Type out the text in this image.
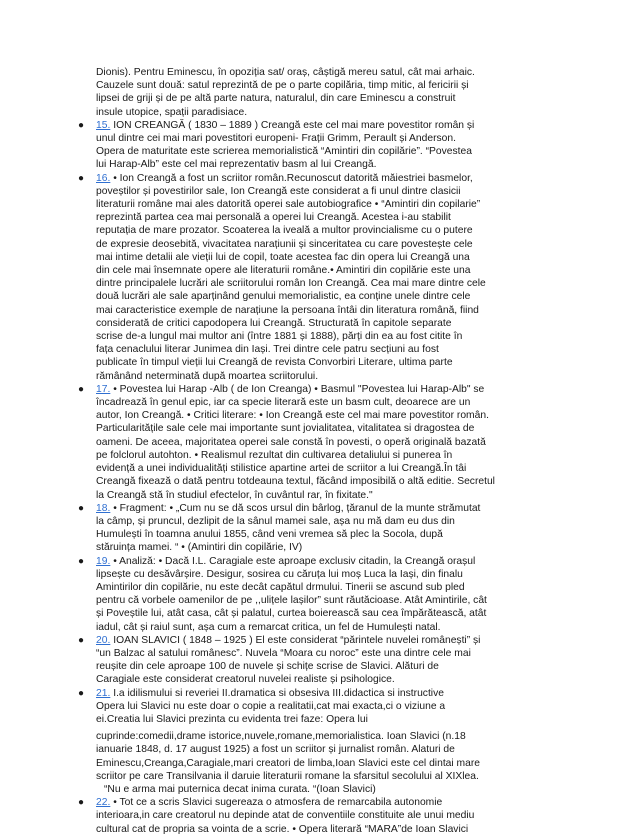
Dionis). Pentru Eminescu, în opoziția sat/ oraș, câștigă mereu satul, cât mai arhaic.

Cauzele sunt două: satul reprezintă de pe o parte copilăria, timp mitic, al fericirii și

lipsei de griji și de pe altă parte natura, naturalul, din care Eminescu a construit

insule utopice, spații paradisiace.

● 15. ION CREANGĂ ( 1830 – 1889 ) Creangă este cel mai mare povestitor român și

unul dintre cei mai mari povestitori europeni- Frații Grimm, Perault și Anderson.

Opera de maturitate este scrierea memorialistică “Amintiri din copilărie”. “Povestea

lui Harap-Alb” este cel mai reprezentativ basm al lui Creangă.

● 16. • Ion Creangă a fost un scriitor român.Recunoscut datorită măiestriei basmelor,

poveștilor și povestirilor sale, Ion Creangă este considerat a fi unul dintre clasicii

literaturii române mai ales datorită operei sale autobiografice • “Amintiri din copilarie”

reprezintă partea cea mai personală a operei lui Creangă. Acestea i-au stabilit

reputația de mare prozator. Scoaterea la iveală a multor provincialisme cu o putere

de expresie deosebită, vivacitatea narațiunii și sinceritatea cu care povestește cele

mai intime detalii ale vieții lui de copil, toate acestea fac din opera lui Creangă una

din cele mai însemnate opere ale literaturii române.• Amintiri din copilărie este una

dintre principalele lucrări ale scriitorului român Ion Creangă. Cea mai mare dintre cele

două lucrări ale sale aparținând genului memorialistic, ea conține unele dintre cele

mai caracteristice exemple de narațiune la persoana întâi din literatura română, fiind

considerată de critici capodopera lui Creangă. Structurată în capitole separate

scrise de-a lungul mai multor ani (între 1881 și 1888), părți din ea au fost citite în

fața cenaclului literar Junimea din Iași. Trei dintre cele patru secțiuni au fost

publicate în timpul vieții lui Creangă de revista Convorbiri Literare, ultima parte

rămânând neterminată după moartea scriitorului.

● 17. • Povestea lui Harap -Alb ( de Ion Creanga) • Basmul "Povestea lui Harap-Alb" se

încadrează în genul epic, iar ca specie literară este un basm cult, deoarece are un

autor, Ion Creangă. • Critici literare: • Ion Creangă este cel mai mare povestitor român.

Particularitățile sale cele mai importante sunt jovialitatea, vitalitatea si dragostea de

oameni. De aceea, majoritatea operei sale constă în povesti, o operă originală bazată

pe folclorul autohton. • Realismul rezultat din cultivarea detaliului si punerea în

evidență a unei individualități stilistice apartine artei de scriitor a lui Creangă.În tâi

Creangă fixează o dată pentru totdeauna textul, făcând imposibilă o altă editie. Secretul

la Creangă stă în studiul efectelor, în cuvântul rar, în fixitate."

● 18. • Fragment: • „Cum nu se dă scos ursul din bârlog, țăranul de la munte strămutat

la câmp, și pruncul, dezlipit de la sânul mamei sale, așa nu mă dam eu dus din

Humulești în toamna anului 1855, când veni vremea să plec la Socola, după

stăruința mamei. “ • (Amintiri din copilărie, IV)

● 19. • Analiză: • Dacă I.L. Caragiale este aproape exclusiv citadin, la Creangă orașul

lipsește cu desăvârșire. Desigur, sosirea cu căruța lui moș Luca la Iași, din finalu

Amintirilor din copilărie, nu este decât capătul drmului. Tinerii se ascund sub pled

pentru că vorbele oamenilor de pe ,,ulițele lașilor” sunt răutăcioase. Atât Amintirile, cât

și Poveștile lui, atât casa, cât și palatul, curtea boierească sau cea împărătească, atât

iadul, cât și raiul sunt, așa cum a remarcat critica, un fel de Humulești natal.

● 20. IOAN SLAVICI ( 1848 – 1925 ) El este considerat “părintele nuvelei românești” și

“un Balzac al satului românesc”. Nuvela “Moara cu noroc” este una dintre cele mai

reușite din cele aproape 100 de nuvele și schițe scrise de Slavici. Alături de

Caragiale este considerat creatorul nuvelei realiste și psihologice.

● 21. I.a idilismului si reveriei II.dramatica si obsesiva III.didactica si instructive

Opera lui Slavici nu este doar o copie a realitatii,cat mai exacta,ci o viziune a

ei.Creatia lui Slavici prezinta cu evidenta trei faze: Opera lui

cuprinde:comedii,drame istorice,nuvele,romane,memorialistica. Ioan Slavici (n.18

ianuarie 1848, d. 17 august 1925) a fost un scriitor și jurnalist român. Alaturi de

Eminescu,Creanga,Caragiale,mari creatori de limba,Ioan Slavici este cel dintai mare

scriitor pe care Transilvania il daruie literaturii romane la sfarsitul secolului al XIXlea.

“Nu e arma mai puternica decat inima curata. “(Ioan Slavici)

● 22. • Tot ce a scris Slavici sugereaza o atmosfera de remarcabila autonomie

interioara,in care creatorul nu depinde atat de conventiile constituite ale unui mediu

cultural cat de propria sa vointa de a scrie. • Opera literară “MARA”de Ioan Slavici
